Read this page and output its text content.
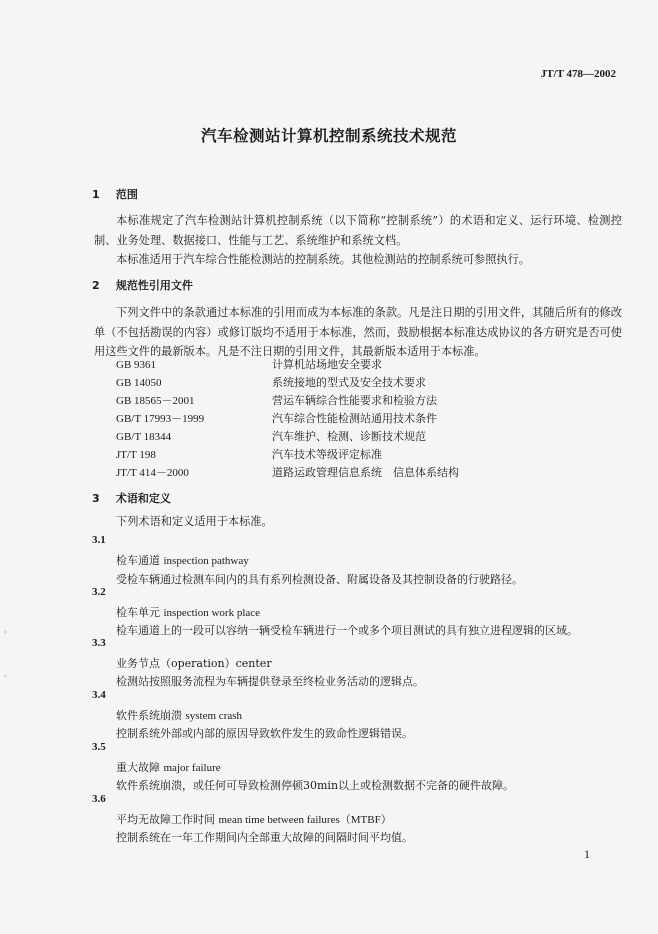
JT/T 478—2002
汽车检测站计算机控制系统技术规范
1 范围
本标准规定了汽车检测站计算机控制系统（以下简称“控制系统”）的术语和定义、运行环境、检测控制、业务处理、数据接口、性能与工艺、系统维护和系统文档。
本标准适用于汽车综合性能检测站的控制系统。其他检测站的控制系统可参照执行。
2 规范性引用文件
下列文件中的条款通过本标准的引用而成为本标准的条款。凡是注日期的引用文件，其随后所有的修改单（不包括勘误的内容）或修订版均不适用于本标准，然而，鼓励根据本标准达成协议的各方研究是否可使用这些文件的最新版本。凡是不注日期的引用文件，其最新版本适用于本标准。
GB 9361	计算机站场地安全要求
GB 14050	系统接地的型式及安全技术要求
GB 18565－2001	营运车辆综合性能要求和检验方法
GB/T 17993－1999	汽车综合性能检测站通用技术条件
GB/T 18344	汽车维护、检测、诊断技术规范
JT/T 198	汽车技术等级评定标准
JT/T 414－2000	道路运政管理信息系统　信息体系结构
3 术语和定义
下列术语和定义适用于本标准。
3.1
检车通道 inspection pathway
受检车辆通过检测车间内的具有系列检测设备、附属设备及其控制设备的行驶路径。
3.2
检车单元 inspection work place
检车通道上的一段可以容纳一辆受检车辆进行一个或多个项目测试的具有独立进程逻辑的区域。
3.3
业务节点（operation）center
检测站按照服务流程为车辆提供登录至终检业务活动的逻辑点。
3.4
软件系统崩溃 system crash
控制系统外部或内部的原因导致软件发生的致命性逻辑错误。
3.5
重大故障 major failure
软件系统崩溃，或任何可导致检测停顿30min以上或检测数据不完备的硬件故障。
3.6
平均无故障工作时间 mean time between failures（MTBF）
控制系统在一年工作期间内全部重大故障的间隔时间平均值。
1
◦
◦
